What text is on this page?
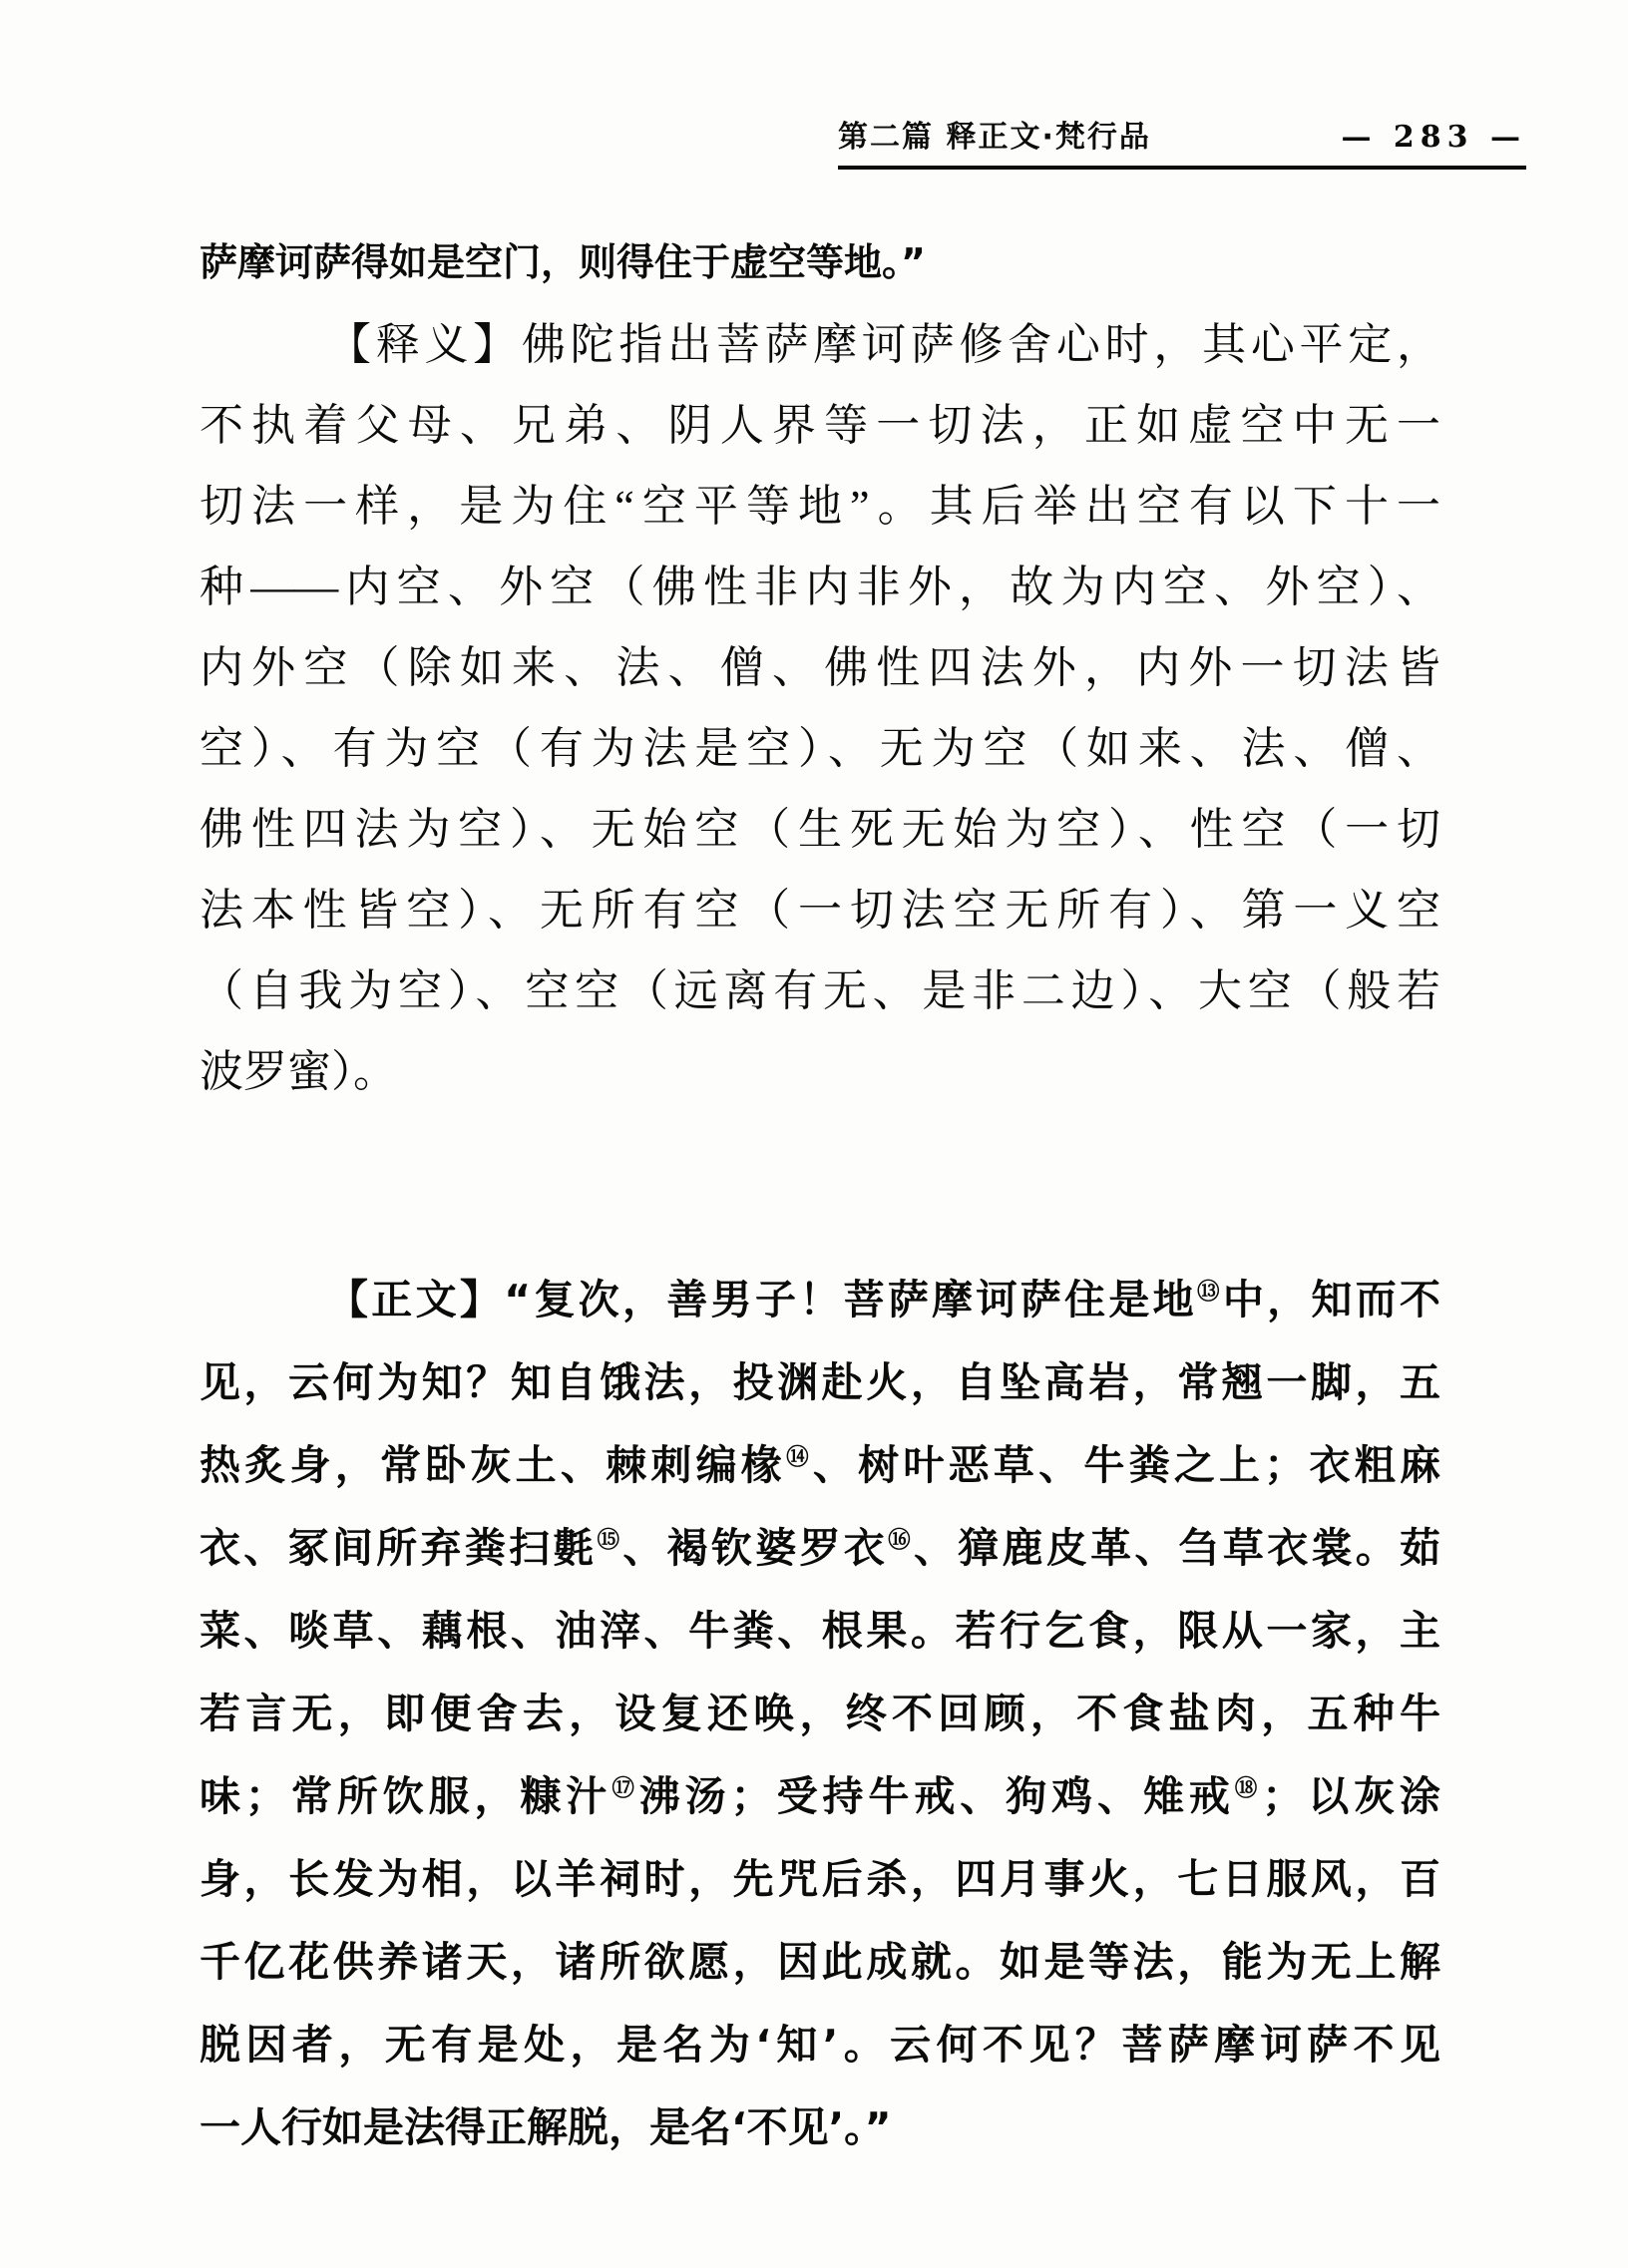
第二篇 释正文·梵行品	— 283 —
萨摩诃萨得如是空门，则得住于虚空等地。”
【释义】佛陀指出菩萨摩诃萨修舍心时，其心平定，
不执着父母、兄弟、阴人界等一切法，正如虚空中无一
切法一样，是为住“空平等地”。其后举出空有以下十一
种——内空、外空（佛性非内非外，故为内空、外空）、
内外空（除如来、法、僧、佛性四法外，内外一切法皆
空）、有为空（有为法是空）、无为空（如来、法、僧、
佛性四法为空）、无始空（生死无始为空）、性空（一切
法本性皆空）、无所有空（一切法空无所有）、第一义空
（自我为空）、空空（远离有无、是非二边）、大空（般若
波罗蜜）。
【正文】“复次，善男子！菩萨摩诃萨住是地⑬中，知而不
见，云何为知？知自饿法，投渊赴火，自坠高岩，常翘一脚，五
热炙身，常卧灰土、棘刺编椽⑭、树叶恶草、牛粪之上；衣粗麻
衣、冢间所弃粪扫氀⑮、褐钦婆罗衣⑯、獐鹿皮革、刍草衣裳。茹
菜、啖草、藕根、油滓、牛粪、根果。若行乞食，限从一家，主
若言无，即便舍去，设复还唤，终不回顾，不食盐肉，五种牛
味；常所饮服，糠汁⑰沸汤；受持牛戒、狗鸡、雉戒⑱；以灰涂
身，长发为相，以羊祠时，先咒后杀，四月事火，七日服风，百
千亿花供养诸天，诸所欲愿，因此成就。如是等法，能为无上解
脱因者，无有是处，是名为‘知’。云何不见？菩萨摩诃萨不见
一人行如是法得正解脱，是名‘不见’。”
